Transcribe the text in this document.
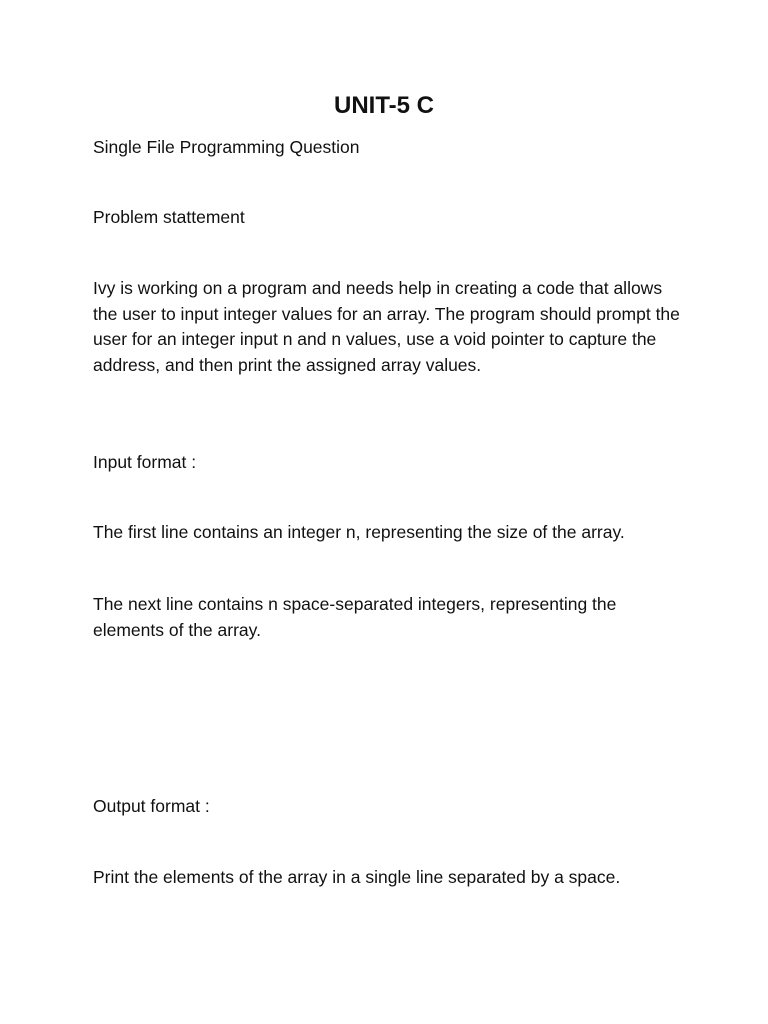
UNIT-5 C

Single File Programming Question

Problem stattement

Ivy is working on a program and needs help in creating a code that allows the user to input integer values for an array. The program should prompt the user for an integer input n and n values, use a void pointer to capture the address, and then print the assigned array values.

Input format :

The first line contains an integer n, representing the size of the array.

The next line contains n space-separated integers, representing the elements of the array.

Output format :

Print the elements of the array in a single line separated by a space.
